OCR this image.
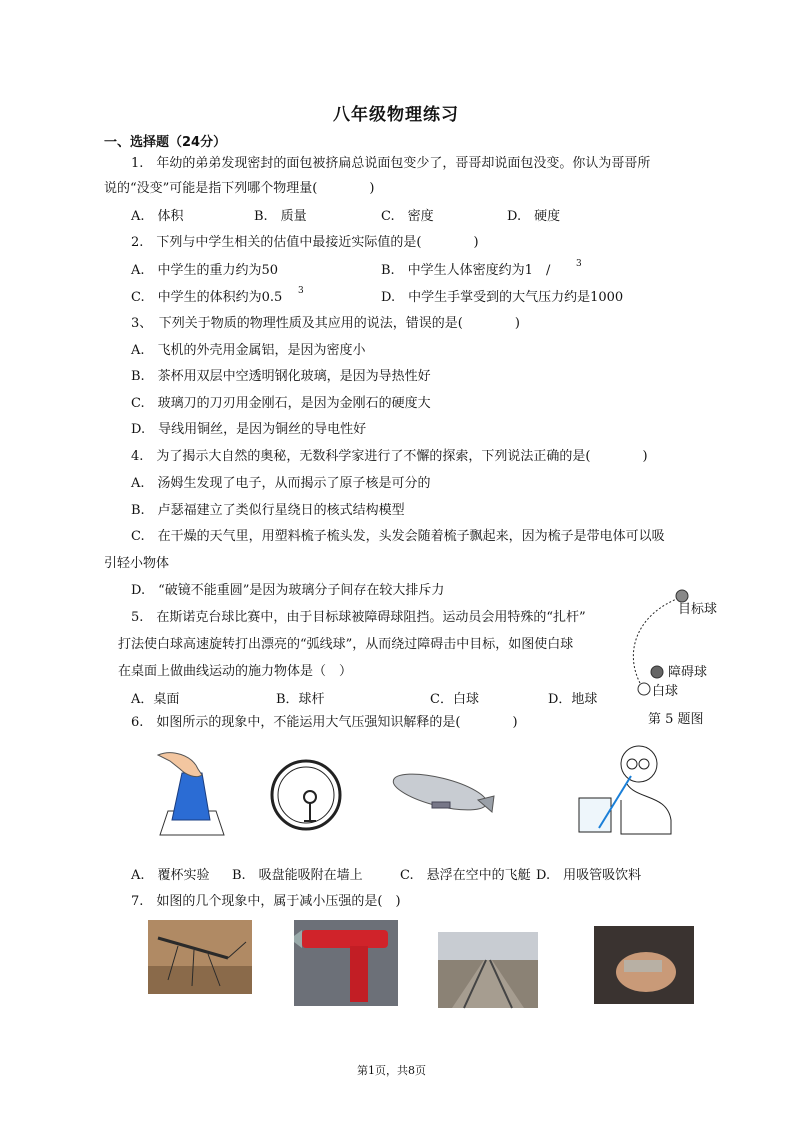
八年级物理练习
一、选择题（24分）
1.　年幼的弟弟发现密封的面包被挤扁总说面包变少了，哥哥却说面包没变。你认为哥哥所
说的“没变”可能是指下列哪个物理量(　　　　)
A.　体积	B.　质量	C.　密度	D.　硬度
2.　下列与中学生相关的估值中最接近实际值的是(　　　　)
A.　中学生的重力约为50	B.　中学生人体密度约为1　/	3
C.　中学生的体积约为0.5 3	D.　中学生手掌受到的大气压力约是1000
3、　下列关于物质的物理性质及其应用的说法，错误的是(　　　　)
A.　飞机的外壳用金属铝，是因为密度小
B.　茶杯用双层中空透明钢化玻璃，是因为导热性好
C.　玻璃刀的刀刃用金刚石，是因为金刚石的硬度大
D.　导线用铜丝，是因为铜丝的导电性好
4.　为了揭示大自然的奥秘，无数科学家进行了不懈的探索，下列说法正确的是(　　　　)
A.　汤姆生发现了电子，从而揭示了原子核是可分的
B.　卢瑟福建立了类似行星绕日的核式结构模型
C.　在干燥的天气里，用塑料梳子梳头发，头发会随着梳子飘起来，因为梳子是带电体可以吸
引轻小物体
D.　“破镜不能重圆”是因为玻璃分子间存在较大排斥力
5.　在斯诺克台球比赛中，由于目标球被障碍球阻挡。运动员会用特殊的“扎杆”
打法使白球高速旋转打出漂亮的“弧线球”，从而绕过障碍击中目标，如图使白球
在桌面上做曲线运动的施力物体是（　）
A．桌面	B．球杆	C．白球	D．地球
目标球
障碍球
白球
第 5 题图
6.　如图所示的现象中，不能运用大气压强知识解释的是(　　　　)
A.　覆杯实验 B.　吸盘能吸附在墙上	C.　悬浮在空中的飞艇 D.　用吸管吸饮料
7.　如图的几个现象中，属于减小压强的是(　)
第1页，共8页
